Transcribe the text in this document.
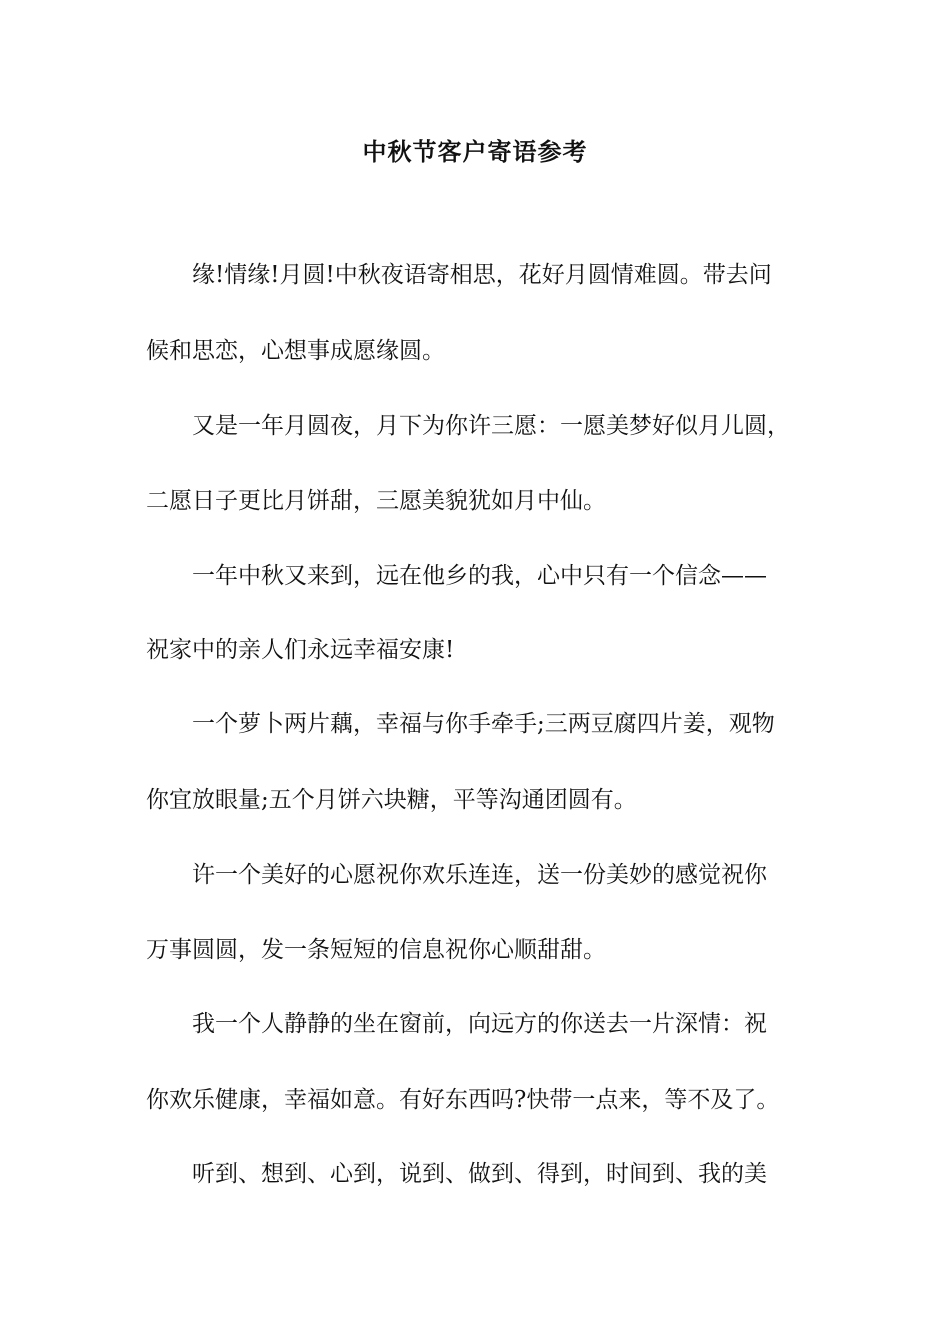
中秋节客户寄语参考
缘!情缘!月圆!中秋夜语寄相思，花好月圆情难圆。带去问
候和思恋，心想事成愿缘圆。
又是一年月圆夜，月下为你许三愿：一愿美梦好似月儿圆，
二愿日子更比月饼甜，三愿美貌犹如月中仙。
一年中秋又来到，远在他乡的我，心中只有一个信念——
祝家中的亲人们永远幸福安康!
一个萝卜两片藕，幸福与你手牵手;三两豆腐四片姜，观物
你宜放眼量;五个月饼六块糖，平等沟通团圆有。
许一个美好的心愿祝你欢乐连连，送一份美妙的感觉祝你
万事圆圆，发一条短短的信息祝你心顺甜甜。
我一个人静静的坐在窗前，向远方的你送去一片深情：祝
你欢乐健康，幸福如意。有好东西吗?快带一点来，等不及了。
听到、想到、心到，说到、做到、得到，时间到、我的美
